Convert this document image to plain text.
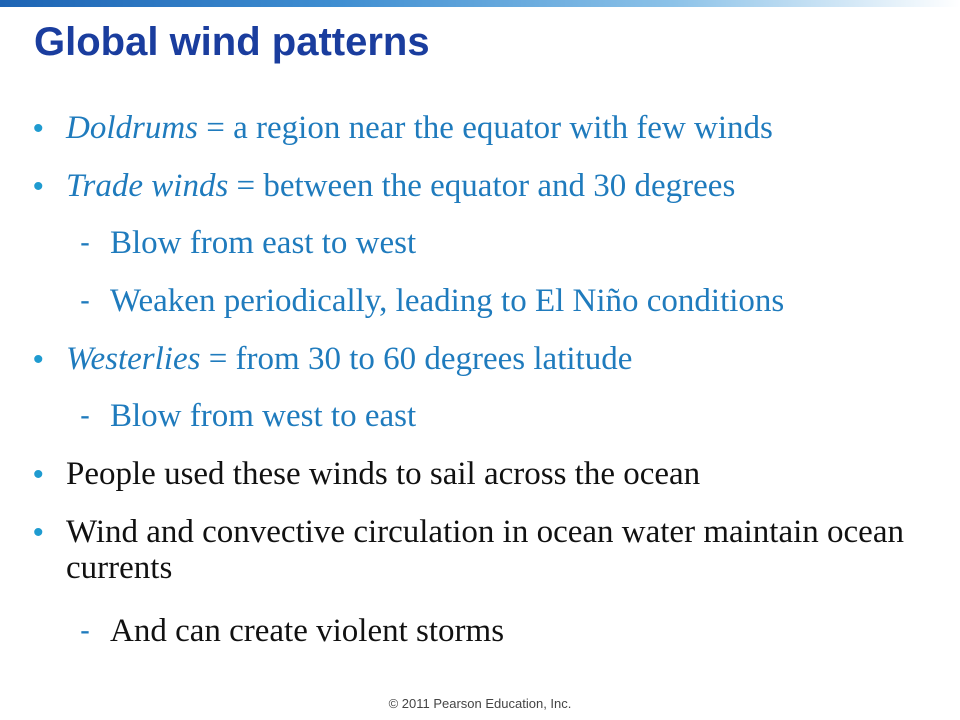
Global wind patterns
• Doldrums = a region near the equator with few winds
• Trade winds = between the equator and 30 degrees
- Blow from east to west
- Weaken periodically, leading to El Niño conditions
• Westerlies = from 30 to 60 degrees latitude
- Blow from west to east
• People used these winds to sail across the ocean
• Wind and convective circulation in ocean water maintain ocean currents
- And can create violent storms
© 2011 Pearson Education, Inc.
